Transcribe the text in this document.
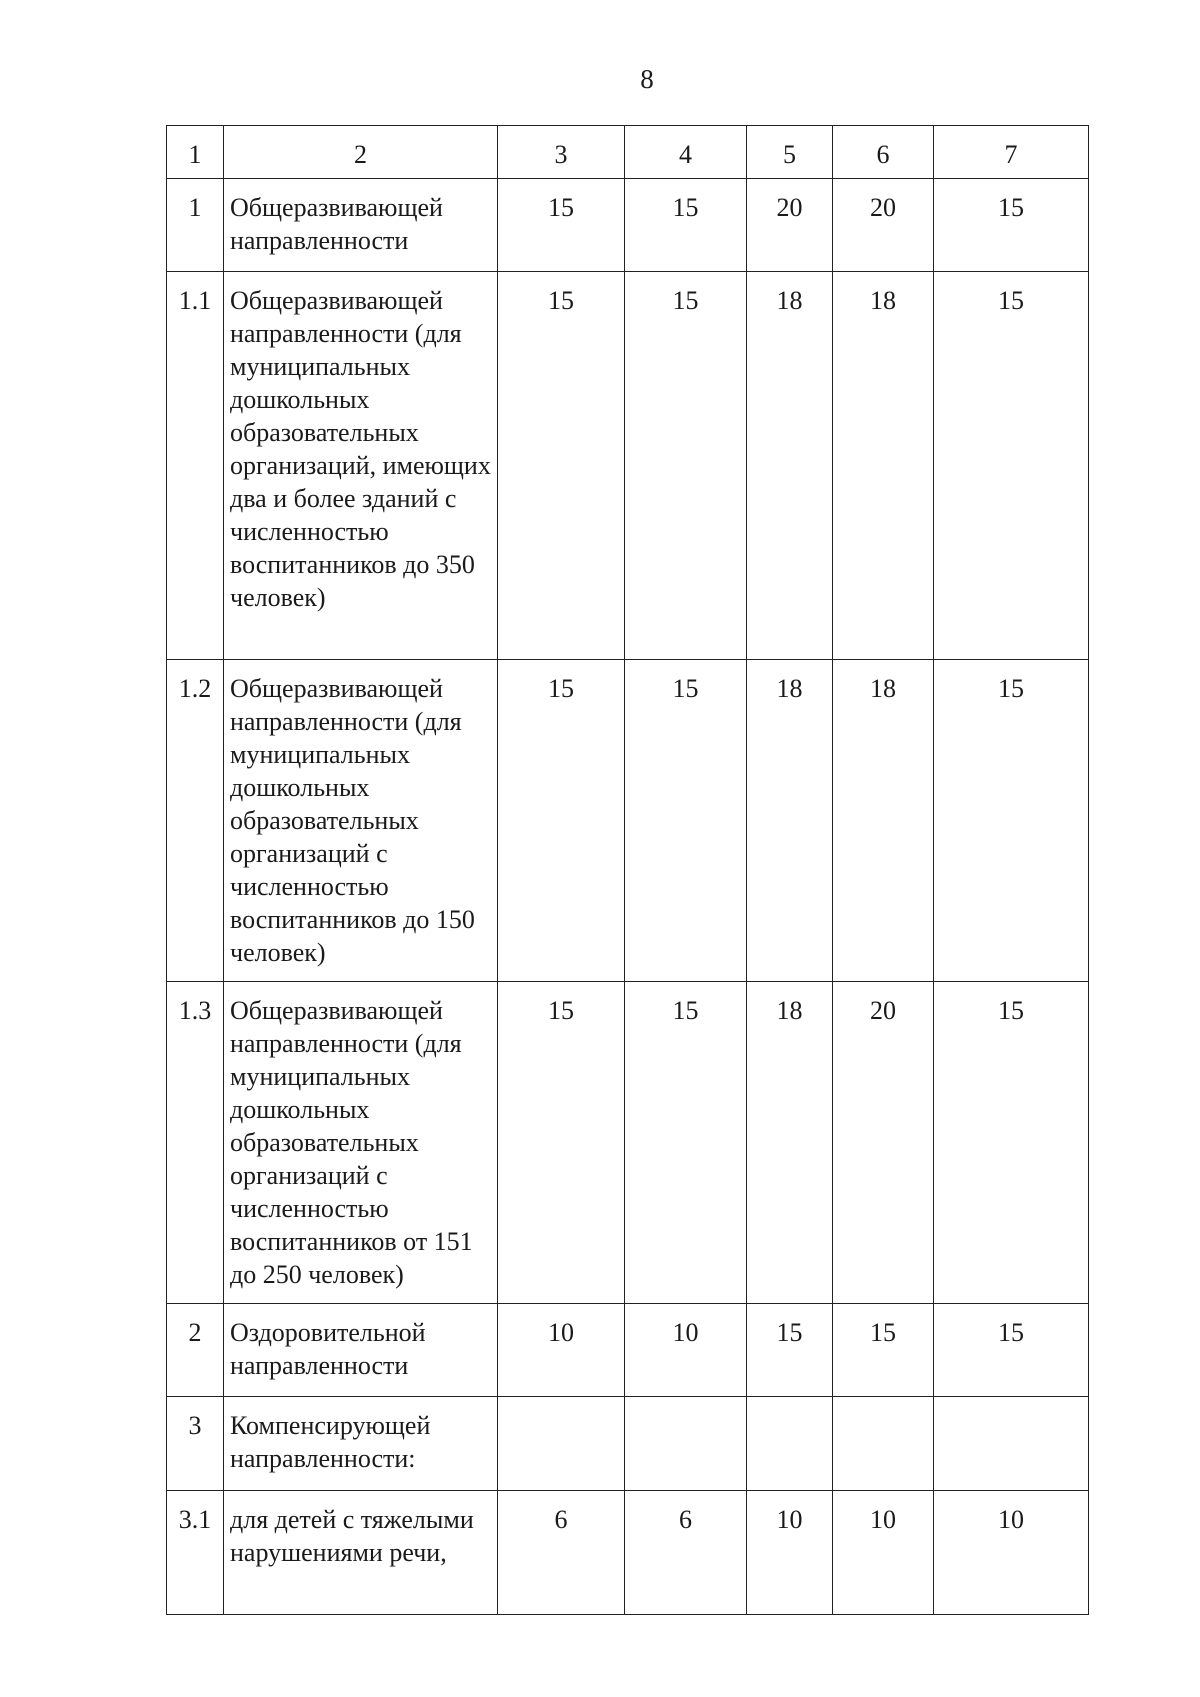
8
1	2	3	4	5	6	7
1	Общеразвивающей направленности	15	15	20	20	15
1.1	Общеразвивающей направленности (для муниципальных дошкольных образовательных организаций, имеющих два и более зданий с численностью воспитанников до 350 человек)	15	15	18	18	15
1.2	Общеразвивающей направленности (для муниципальных дошкольных образовательных организаций с численностью воспитанников до 150 человек)	15	15	18	18	15
1.3	Общеразвивающей направленности (для муниципальных дошкольных образовательных организаций с численностью воспитанников от 151 до 250 человек)	15	15	18	20	15
2	Оздоровительной направленности	10	10	15	15	15
3	Компенсирующей направленности:					
3.1	для детей с тяжелыми нарушениями речи,	6	6	10	10	10
